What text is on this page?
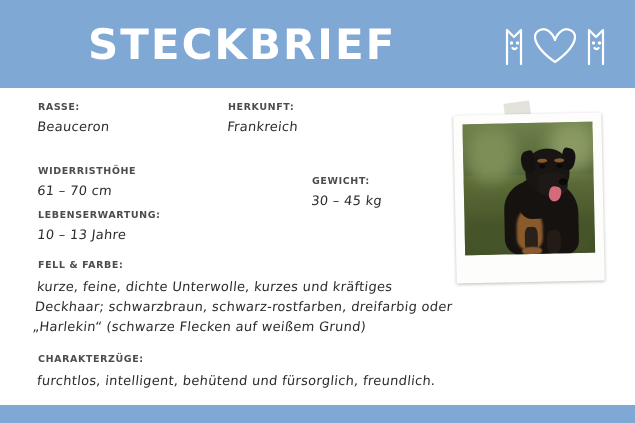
STECKBRIEF
RASSE:
Beauceron
HERKUNFT:
Frankreich
WIDERRISTHÖHE
61 – 70 cm
GEWICHT:
30 – 45 kg
LEBENSERWARTUNG:
10 – 13 Jahre
FELL & FARBE:
kurze, feine, dichte Unterwolle, kurzes und kräftiges Deckhaar; schwarzbraun, schwarz-rostfarben, dreifarbig oder „Harlekin“ (schwarze Flecken auf weißem Grund)
CHARAKTERZÜGE:
furchtlos, intelligent, behütend und fürsorglich, freundlich.
